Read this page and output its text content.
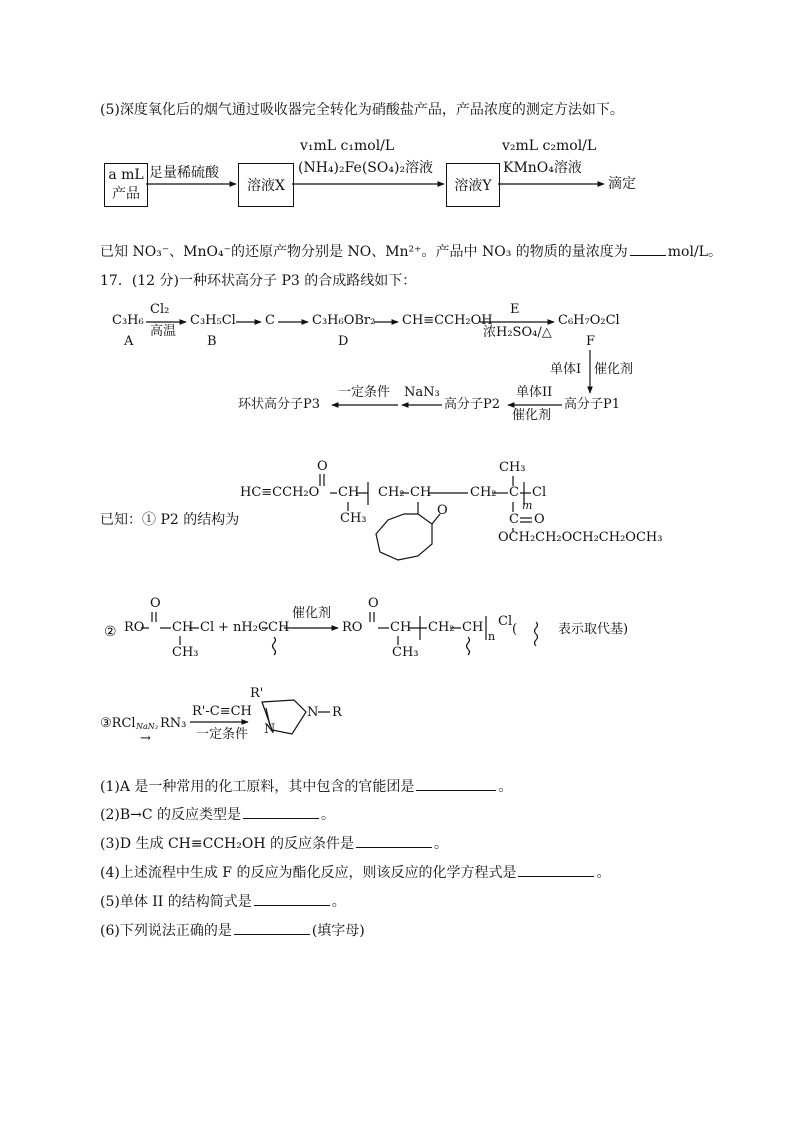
(5)深度氧化后的烟气通过吸收器完全转化为硝酸盐产品，产品浓度的测定方法如下。
a mL
产品
足量稀硫酸
溶液X
v₁mL c₁mol/L
(NH₄)₂Fe(SO₄)₂溶液
溶液Y
v₂mL c₂mol/L
KMnO₄溶液
滴定
已知 NO₃⁻、MnO₄⁻的还原产物分别是 NO、Mn²⁺。产品中 NO₃ 的物质的量浓度为	mol/L。
17．(12 分)一种环状高分子 P3 的合成路线如下：
C₃H₆
A
Cl₂
高温
C₃H₅Cl
B
C	C₃H₆OBr₂
D
CH≡CCH₂OH
E
浓H₂SO₄/△
C₆H₇O₂Cl
F
单体I 催化剂
环状高分子P3
一定条件 NaN₃
高分子P2
单体II
催化剂
高分子P1
已知：① P2 的结构为
HC≡CCH₂O
O
CH
CH₃
CH₂ CH	CH₂ C
CH₃
Cl
m
C O
OCH₂CH₂OCH₂CH₂OCH₃
O
② RO
O
CH
CH₃
Cl + nH₂C CH
催化剂
RO
O
CH
CH₃
CH₂ CH
n
Cl
(	表示取代基)
③RCl NaN₃
→
RN₃
R'-C≡CH
一定条件
R'
N
N
R
(1)A 是一种常用的化工原料，其中包含的官能团是	。
(2)B→C 的反应类型是	。
(3)D 生成 CH≡CCH₂OH 的反应条件是	。
(4)上述流程中生成 F 的反应为酯化反应，则该反应的化学方程式是	。
(5)单体 II 的结构简式是	。
(6)下列说法正确的是	(填字母)
